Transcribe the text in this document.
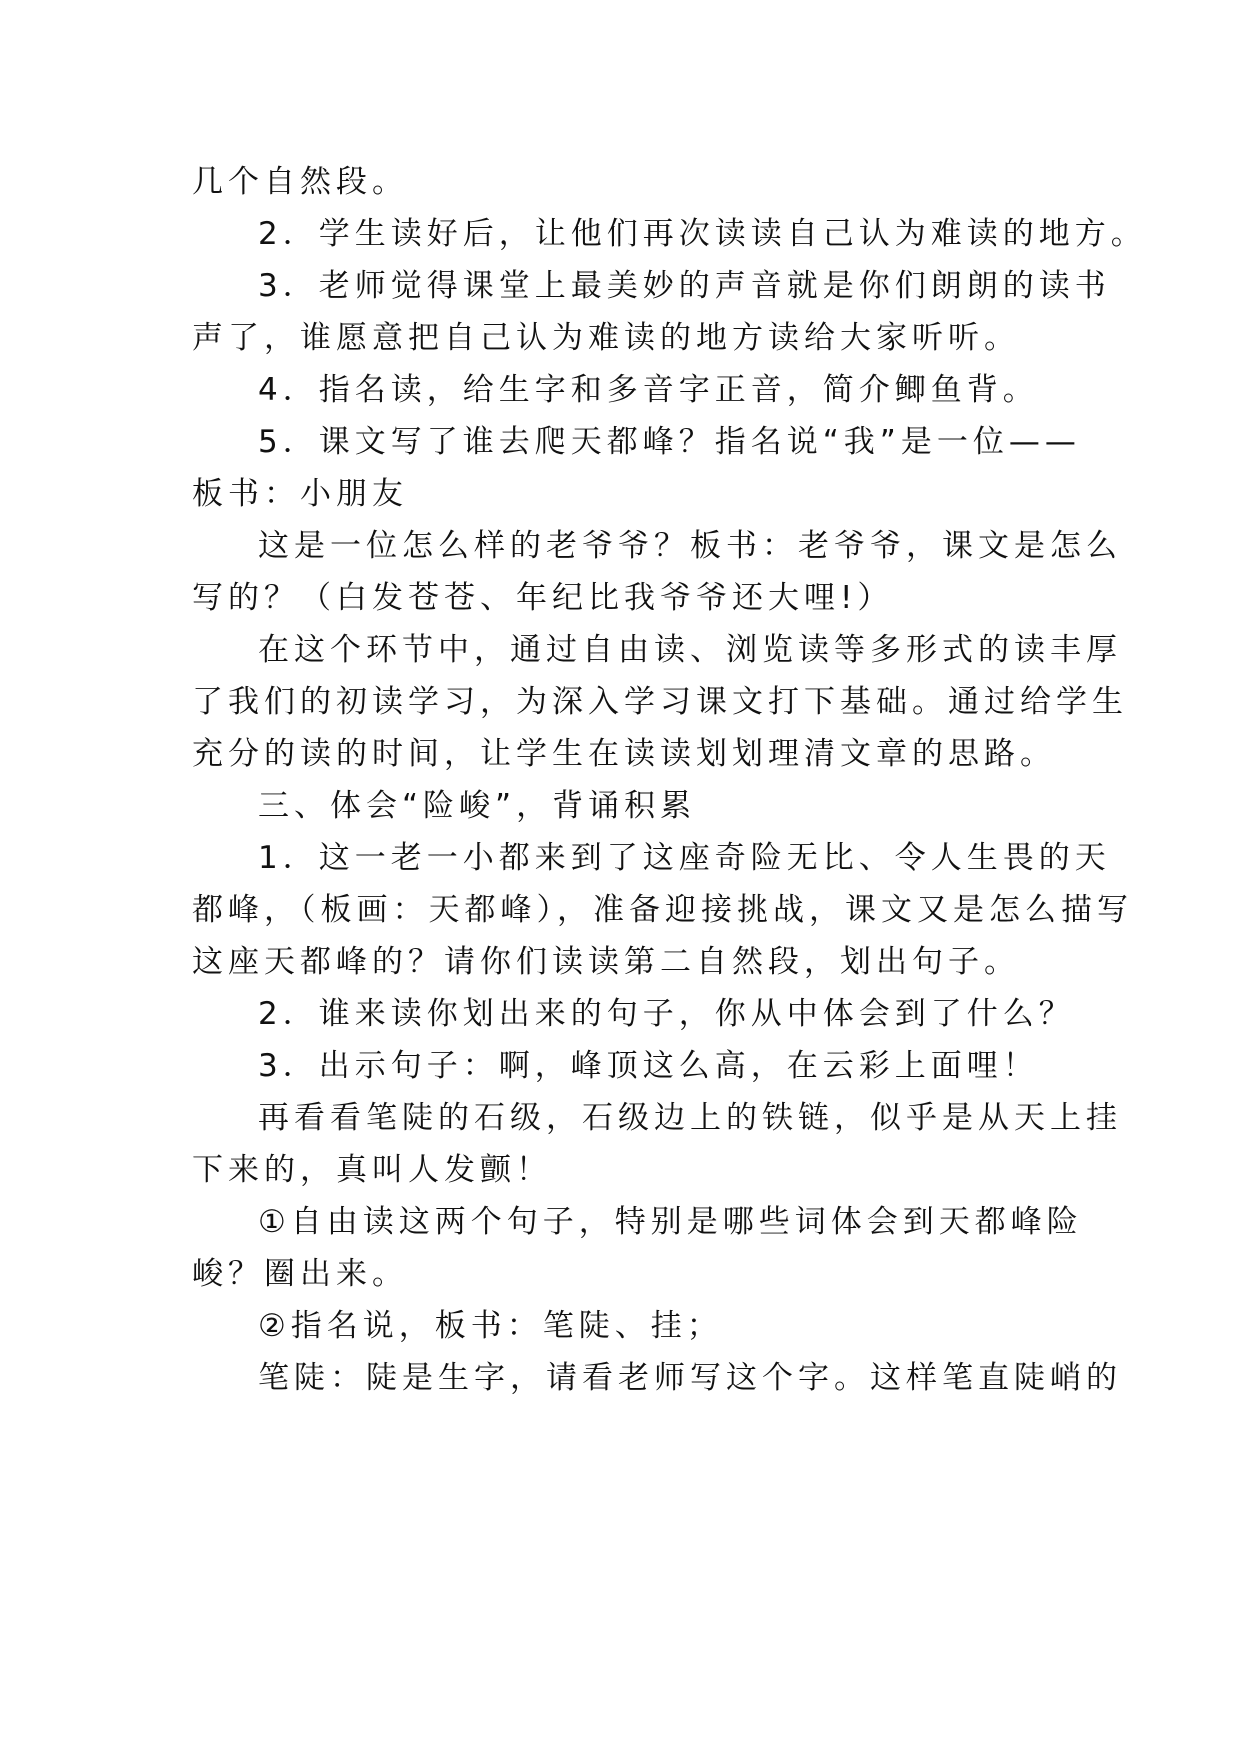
几个自然段。
2．学生读好后，让他们再次读读自己认为难读的地方。
3．老师觉得课堂上最美妙的声音就是你们朗朗的读书
声了，谁愿意把自己认为难读的地方读给大家听听。
4．指名读，给生字和多音字正音，简介鲫鱼背。
5．课文写了谁去爬天都峰？指名说“我”是一位——
板书：小朋友
这是一位怎么样的老爷爷？板书：老爷爷，课文是怎么
写的？（白发苍苍、年纪比我爷爷还大哩!）
在这个环节中，通过自由读、浏览读等多形式的读丰厚
了我们的初读学习，为深入学习课文打下基础。通过给学生
充分的读的时间，让学生在读读划划理清文章的思路。
三、体会“险峻”，背诵积累
1．这一老一小都来到了这座奇险无比、令人生畏的天
都峰，（板画：天都峰），准备迎接挑战，课文又是怎么描写
这座天都峰的？请你们读读第二自然段，划出句子。
2．谁来读你划出来的句子，你从中体会到了什么？
3．出示句子：啊，峰顶这么高，在云彩上面哩！
再看看笔陡的石级，石级边上的铁链，似乎是从天上挂
下来的，真叫人发颤！
①自由读这两个句子，特别是哪些词体会到天都峰险
峻？圈出来。
②指名说，板书：笔陡、挂；
笔陡：陡是生字，请看老师写这个字。这样笔直陡峭的
